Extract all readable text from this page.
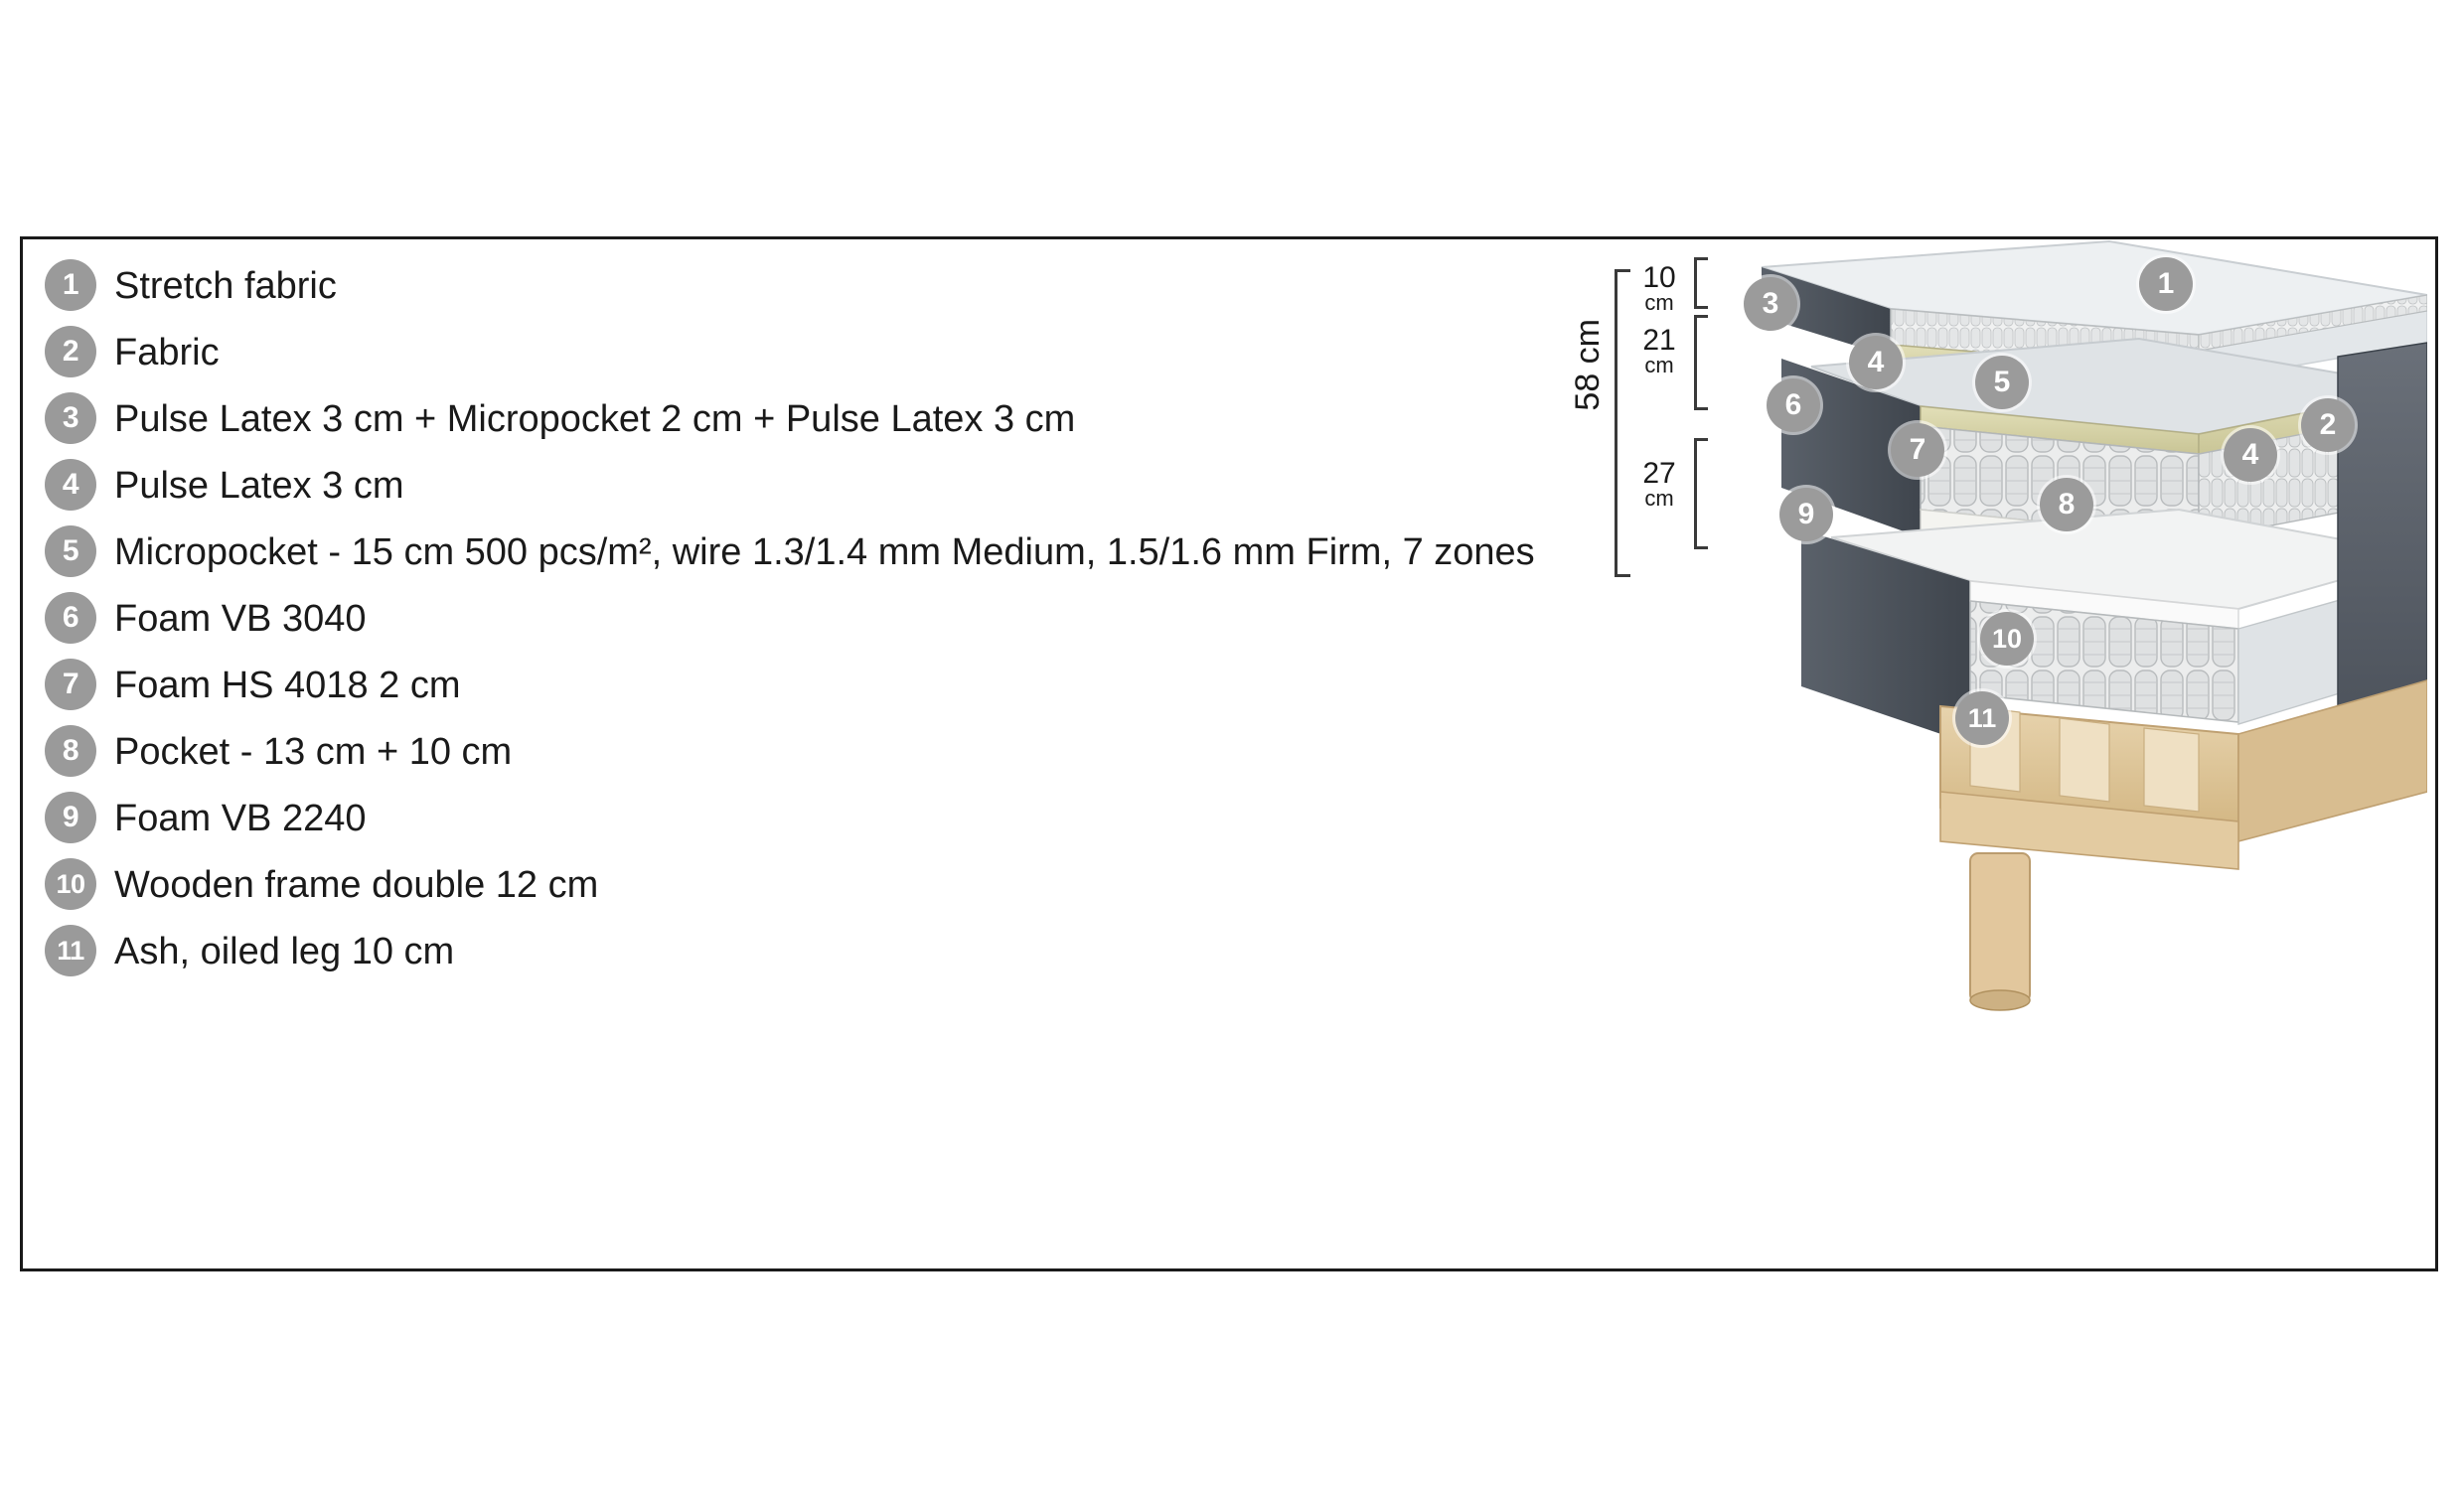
1 Stretch fabric
2 Fabric
3 Pulse Latex 3 cm + Micropocket 2 cm + Pulse Latex 3 cm
4 Pulse Latex 3 cm
5 Micropocket - 15 cm 500 pcs/m², wire 1.3/1.4 mm Medium, 1.5/1.6 mm Firm, 7 zones
6 Foam VB 3040
7 Foam HS 4018 2 cm
8 Pocket - 13 cm + 10 cm
9 Foam VB 2240
10 Wooden frame double 12 cm
11 Ash, oiled leg 10 cm
58 cm
10
cm
21
cm
27
cm
1
2
3
4
5
6
4
7
8
9
10
11
